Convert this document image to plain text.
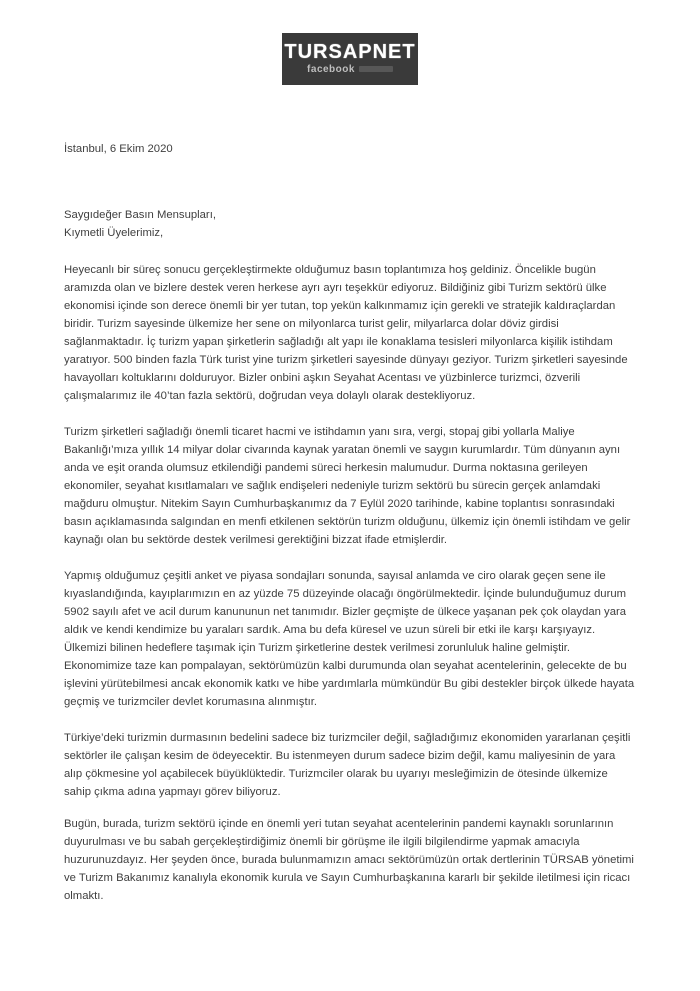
TURSAPNET
facebook
İstanbul, 6 Ekim 2020
Saygıdeğer Basın Mensupları,
Kıymetli Üyelerimiz,

Heyecanlı bir süreç sonucu gerçekleştirmekte olduğumuz basın toplantımıza hoş geldiniz. Öncelikle bugün aramızda olan ve bizlere destek veren herkese ayrı ayrı teşekkür ediyoruz. Bildiğiniz gibi Turizm sektörü ülke ekonomisi içinde son derece önemli bir yer tutan, top yekün kalkınmamız için gerekli ve stratejik kaldıraçlardan biridir. Turizm sayesinde ülkemize her sene on milyonlarca turist gelir, milyarlarca dolar döviz girdisi sağlanmaktadır. İç turizm yapan şirketlerin sağladığı alt yapı ile konaklama tesisleri milyonlarca kişilik istihdam yaratıyor. 500 binden fazla Türk turist yine turizm şirketleri sayesinde dünyayı geziyor. Turizm şirketleri sayesinde havayolları koltuklarını dolduruyor. Bizler onbini aşkın Seyahat Acentası ve yüzbinlerce turizmci, özverili çalışmalarımız ile 40’tan fazla sektörü, doğrudan veya dolaylı olarak destekliyoruz.

Turizm şirketleri sağladığı önemli ticaret hacmi ve istihdamın yanı sıra, vergi, stopaj gibi yollarla Maliye Bakanlığı’mıza yıllık 14 milyar dolar civarında kaynak yaratan önemli ve saygın kurumlardır. Tüm dünyanın aynı anda ve eşit oranda olumsuz etkilendiği pandemi süreci herkesin malumudur. Durma noktasına gerileyen ekonomiler, seyahat kısıtlamaları ve sağlık endişeleri nedeniyle turizm sektörü bu sürecin gerçek anlamdaki mağduru olmuştur. Nitekim Sayın Cumhurbaşkanımız da 7 Eylül 2020 tarihinde, kabine toplantısı sonrasındaki basın açıklamasında salgından en menfi etkilenen sektörün turizm olduğunu, ülkemiz için önemli istihdam ve gelir kaynağı olan bu sektörde destek verilmesi gerektiğini bizzat ifade etmişlerdir.

Yapmış olduğumuz çeşitli anket ve piyasa sondajları sonunda, sayısal anlamda ve ciro olarak geçen sene ile kıyaslandığında, kayıplarımızın en az yüzde 75 düzeyinde olacağı öngörülmektedir. İçinde bulunduğumuz durum 5902 sayılı afet ve acil durum kanununun net tanımıdır. Bizler geçmişte de ülkece yaşanan pek çok olaydan yara aldık ve kendi kendimize bu yaraları sardık. Ama bu defa küresel ve uzun süreli bir etki ile karşı karşıyayız. Ülkemizi bilinen hedeflere taşımak için Turizm şirketlerine destek verilmesi zorunluluk haline gelmiştir. Ekonomimize taze kan pompalayan, sektörümüzün kalbi durumunda olan seyahat acentelerinin, gelecekte de bu işlevini yürütebilmesi ancak ekonomik katkı ve hibe yardımlarla mümkündür Bu gibi destekler birçok ülkede hayata geçmiş ve turizmciler devlet korumasına alınmıştır.

Türkiye’deki turizmin durmasının bedelini sadece biz turizmciler değil, sağladığımız ekonomiden yararlanan çeşitli sektörler ile çalışan kesim de ödeyecektir. Bu istenmeyen durum sadece bizim değil, kamu maliyesinin de yara alıp çökmesine yol açabilecek büyüklüktedir. Turizmciler olarak bu uyarıyı mesleğimizin de ötesinde ülkemize sahip çıkma adına yapmayı görev biliyoruz.

Bugün, burada, turizm sektörü içinde en önemli yeri tutan seyahat acentelerinin pandemi kaynaklı sorunlarının duyurulması ve bu sabah gerçekleştirdiğimiz önemli bir görüşme ile ilgili bilgilendirme yapmak amacıyla huzurunuzdayız. Her şeyden önce, burada bulunmamızın amacı sektörümüzün ortak dertlerinin TÜRSAB yönetimi ve Turizm Bakanımız kanalıyla ekonomik kurula ve Sayın Cumhurbaşkanına kararlı bir şekilde iletilmesi için ricacı olmaktı.
